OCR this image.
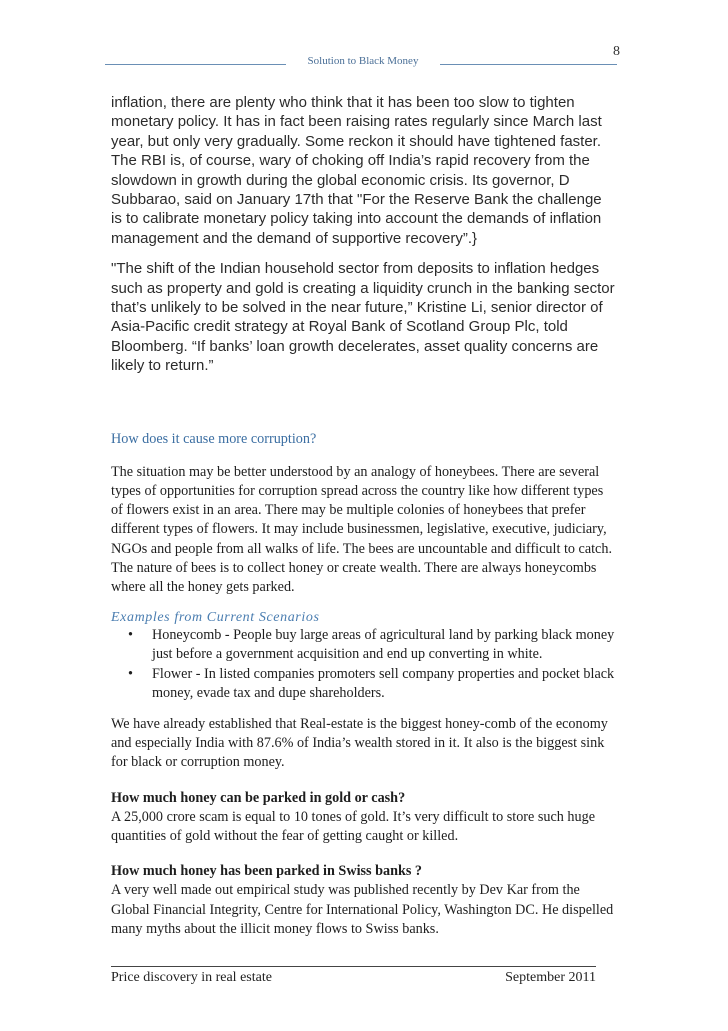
8
Solution to Black Money

inflation, there are plenty who think that it has been too slow to tighten monetary policy. It has in fact been raising rates regularly since March last year, but only very gradually. Some reckon it should have tightened faster. The RBI is, of course, wary of choking off India’s rapid recovery from the slowdown in growth during the global economic crisis. Its governor, D Subbarao, said on January 17th that "For the Reserve Bank the challenge is to calibrate monetary policy taking into account the demands of inflation management and the demand of supportive recovery”.}

"The shift of the Indian household sector from deposits to inflation hedges such as property and gold is creating a liquidity crunch in the banking sector that’s unlikely to be solved in the near future,” Kristine Li, senior director of Asia-Pacific credit strategy at Royal Bank of Scotland Group Plc, told Bloomberg. “If banks’ loan growth decelerates, asset quality concerns are likely to return.”

How does it cause more corruption?

The situation may be better understood by an analogy of honeybees. There are several types of opportunities for corruption spread across the country like how different types of flowers exist in an area. There may be multiple colonies of honeybees that prefer different types of flowers. It may include businessmen, legislative, executive, judiciary, NGOs and people from all walks of life. The bees are uncountable and difficult to catch. The nature of bees is to collect honey or create wealth. There are always honeycombs where all the honey gets parked.

Examples from Current Scenarios

• Honeycomb - People buy large areas of agricultural land by parking black money just before a government acquisition and end up converting in white.
• Flower - In listed companies promoters sell company properties and pocket black money, evade tax and dupe shareholders.

We have already established that Real-estate is the biggest honey-comb of the economy and especially India with 87.6% of India’s wealth stored in it. It also is the biggest sink for black or corruption money.

How much honey can be parked in gold or cash?

A 25,000 crore scam is equal to 10 tones of gold. It’s very difficult to store such huge quantities of gold without the fear of getting caught or killed.

How much honey has been parked in Swiss banks ?

A very well made out empirical study was published recently by Dev Kar from the Global Financial Integrity, Centre for International Policy, Washington DC. He dispelled many myths about the illicit money flows to Swiss banks.

Price discovery in real estate	September 2011
